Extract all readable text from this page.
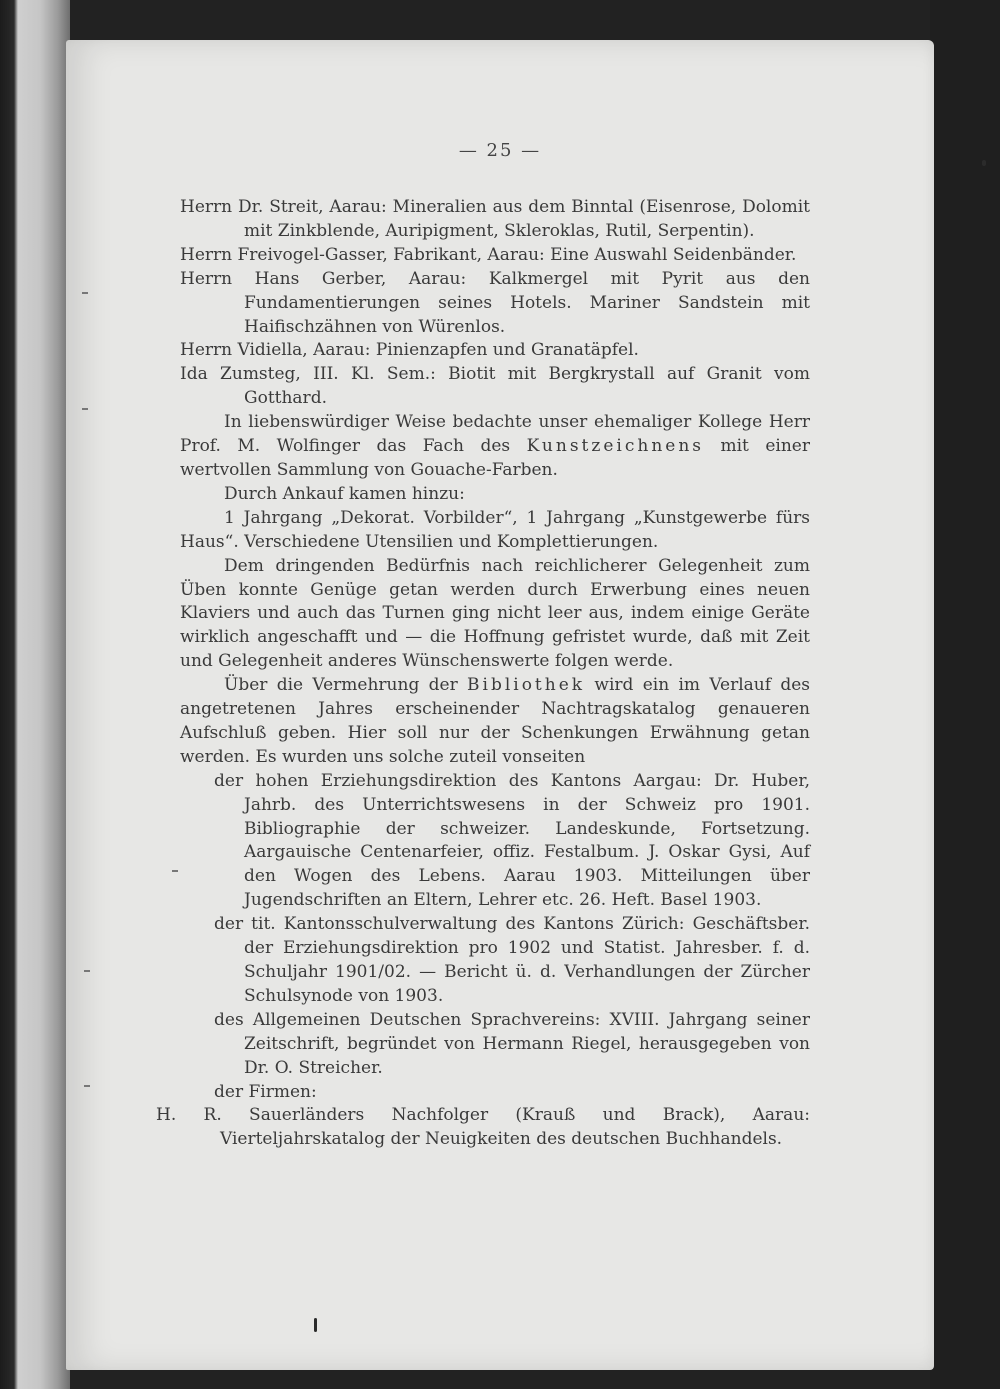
— 25 —

Herrn Dr. Streit, Aarau: Mineralien aus dem Binntal (Eisenrose, Dolomit mit Zinkblende, Auripigment, Skleroklas, Rutil, Serpentin).

Herrn Freivogel-Gasser, Fabrikant, Aarau: Eine Auswahl Seidenbänder.

Herrn Hans Gerber, Aarau: Kalkmergel mit Pyrit aus den Fundamentierungen seines Hotels. Mariner Sandstein mit Haifischzähnen von Würenlos.

Herrn Vidiella, Aarau: Pinienzapfen und Granatäpfel.

Ida Zumsteg, III. Kl. Sem.: Biotit mit Bergkrystall auf Granit vom Gotthard.

In liebenswürdiger Weise bedachte unser ehemaliger Kollege Herr Prof. M. Wolfinger das Fach des Kunstzeichnens mit einer wertvollen Sammlung von Gouache-Farben.

Durch Ankauf kamen hinzu:

1 Jahrgang „Dekorat. Vorbilder“, 1 Jahrgang „Kunstgewerbe fürs Haus“. Verschiedene Utensilien und Komplettierungen.

Dem dringenden Bedürfnis nach reichlicherer Gelegenheit zum Üben konnte Genüge getan werden durch Erwerbung eines neuen Klaviers und auch das Turnen ging nicht leer aus, indem einige Geräte wirklich angeschafft und — die Hoffnung gefristet wurde, daß mit Zeit und Gelegenheit anderes Wünschenswerte folgen werde.

Über die Vermehrung der Bibliothek wird ein im Verlauf des angetretenen Jahres erscheinender Nachtragskatalog genaueren Aufschluß geben. Hier soll nur der Schenkungen Erwähnung getan werden. Es wurden uns solche zuteil vonseiten

der hohen Erziehungsdirektion des Kantons Aargau: Dr. Huber, Jahrb. des Unterrichtswesens in der Schweiz pro 1901. Bibliographie der schweizer. Landeskunde, Fortsetzung. Aargauische Centenarfeier, offiz. Festalbum. J. Oskar Gysi, Auf den Wogen des Lebens. Aarau 1903. Mitteilungen über Jugendschriften an Eltern, Lehrer etc. 26. Heft. Basel 1903.

der tit. Kantonsschulverwaltung des Kantons Zürich: Geschäftsber. der Erziehungsdirektion pro 1902 und Statist. Jahresber. f. d. Schuljahr 1901/02. — Bericht ü. d. Verhandlungen der Zürcher Schulsynode von 1903.

des Allgemeinen Deutschen Sprachvereins: XVIII. Jahrgang seiner Zeitschrift, begründet von Hermann Riegel, herausgegeben von Dr. O. Streicher.

der Firmen:

H. R. Sauerländers Nachfolger (Krauß und Brack), Aarau: Vierteljahrskatalog der Neuigkeiten des deutschen Buchhandels.
